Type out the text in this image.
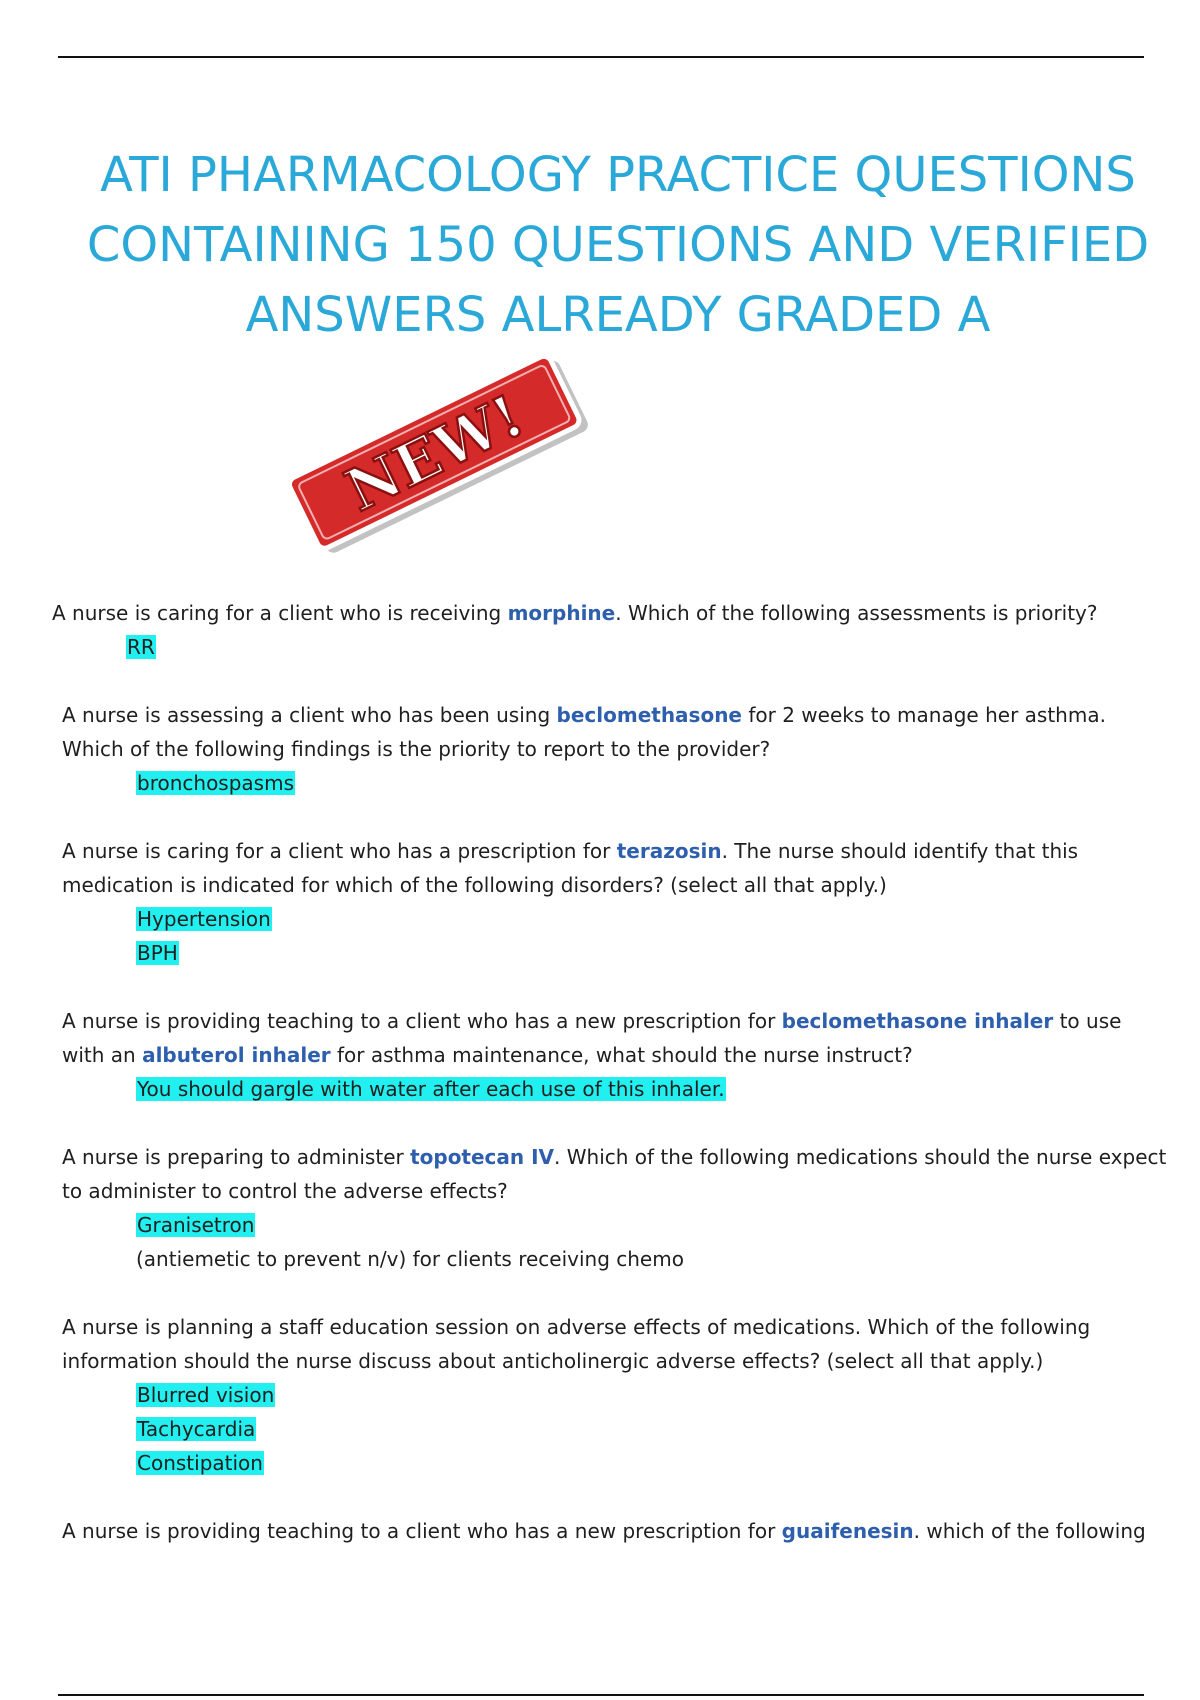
ATI PHARMACOLOGY PRACTICE QUESTIONS
CONTAINING 150 QUESTIONS AND VERIFIED
ANSWERS ALREADY GRADED A
NEW!
A nurse is caring for a client who is receiving morphine. Which of the following assessments is priority?
RR
A nurse is assessing a client who has been using beclomethasone for 2 weeks to manage her asthma. Which of the following findings is the priority to report to the provider?
bronchospasms
A nurse is caring for a client who has a prescription for terazosin. The nurse should identify that this medication is indicated for which of the following disorders? (select all that apply.)
Hypertension
BPH
A nurse is providing teaching to a client who has a new prescription for beclomethasone inhaler to use with an albuterol inhaler for asthma maintenance, what should the nurse instruct?
You should gargle with water after each use of this inhaler.
A nurse is preparing to administer topotecan IV. Which of the following medications should the nurse expect to administer to control the adverse effects?
Granisetron
(antiemetic to prevent n/v) for clients receiving chemo
A nurse is planning a staff education session on adverse effects of medications. Which of the following information should the nurse discuss about anticholinergic adverse effects? (select all that apply.)
Blurred vision
Tachycardia
Constipation
A nurse is providing teaching to a client who has a new prescription for guaifenesin. which of the following
